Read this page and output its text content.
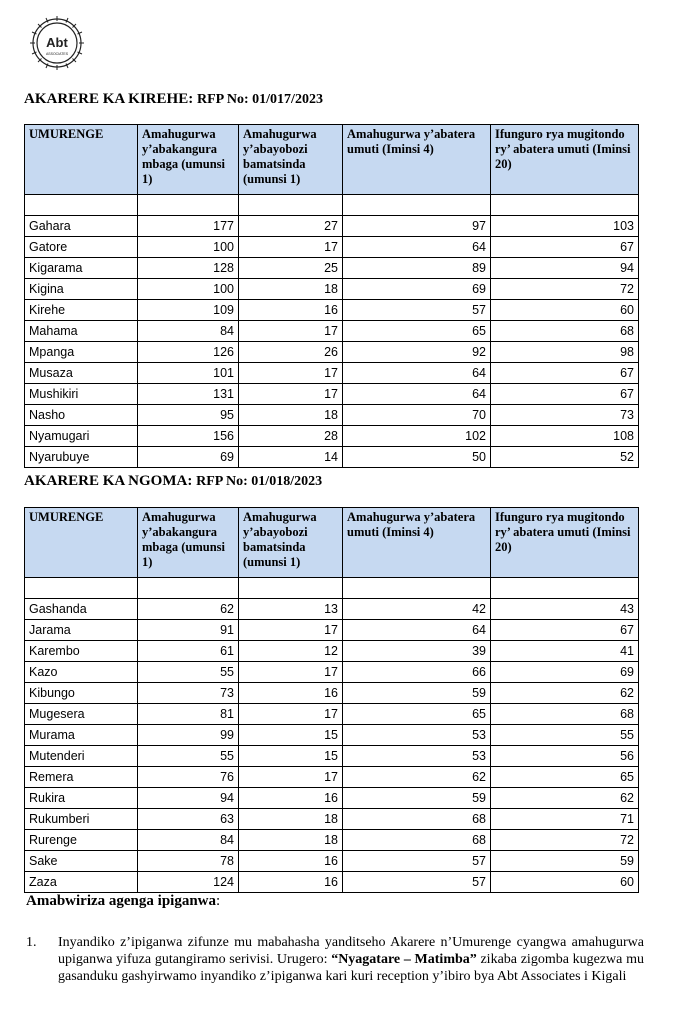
Abt
ASSOCIATES
AKARERE KA KIREHE: RFP No: 01/017/2023
UMURENGE	Amahugurwa y’abakangura mbaga (umunsi 1)	Amahugurwa y’abayobozi bamatsinda (umunsi 1)	Amahugurwa y’abatera umuti (Iminsi 4)	Ifunguro rya mugitondo ry’ abatera umuti (Iminsi 20)

Gahara	177	27	97	103
Gatore	100	17	64	67
Kigarama	128	25	89	94
Kigina	100	18	69	72
Kirehe	109	16	57	60
Mahama	84	17	65	68
Mpanga	126	26	92	98
Musaza	101	17	64	67
Mushikiri	131	17	64	67
Nasho	95	18	70	73
Nyamugari	156	28	102	108
Nyarubuye	69	14	50	52
AKARERE KA NGOMA: RFP No: 01/018/2023
UMURENGE	Amahugurwa y’abakangura mbaga (umunsi 1)	Amahugurwa y’abayobozi bamatsinda (umunsi 1)	Amahugurwa y’abatera umuti (Iminsi 4)	Ifunguro rya mugitondo ry’ abatera umuti (Iminsi 20)

Gashanda	62	13	42	43
Jarama	91	17	64	67
Karembo	61	12	39	41
Kazo	55	17	66	69
Kibungo	73	16	59	62
Mugesera	81	17	65	68
Murama	99	15	53	55
Mutenderi	55	15	53	56
Remera	76	17	62	65
Rukira	94	16	59	62
Rukumberi	63	18	68	71
Rurenge	84	18	68	72
Sake	78	16	57	59
Zaza	124	16	57	60
Amabwiriza agenga ipiganwa:
1. Inyandiko z’ipiganwa zifunze mu mabahasha yanditseho Akarere n’Umurenge cyangwa amahugurwa upiganwa yifuza gutangiramo serivisi. Urugero: “Nyagatare – Matimba” zikaba zigomba kugezwa mu gasanduku gashyirwamo inyandiko z’ipiganwa kari kuri reception y’ibiro bya Abt Associates i Kigali
